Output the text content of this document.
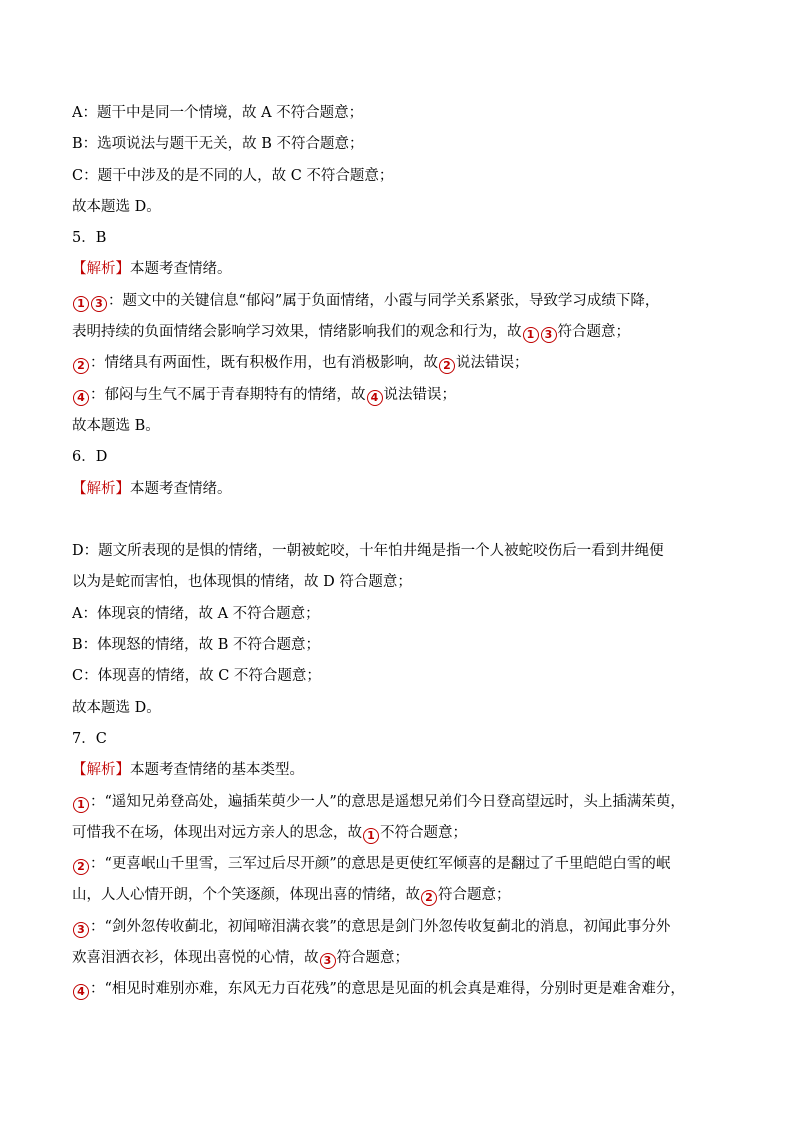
A：题干中是同一个情境，故 A 不符合题意；
B：选项说法与题干无关，故 B 不符合题意；
C：题干中涉及的是不同的人，故 C 不符合题意；
故本题选 D。
5．B
【解析】本题考查情绪。
1 3 ：题文中的关键信息“郁闷”属于负面情绪，小霞与同学关系紧张，导致学习成绩下降，
表明持续的负面情绪会影响学习效果，情绪影响我们的观念和行为，故 1 3 符合题意；
2 ：情绪具有两面性，既有积极作用，也有消极影响，故 2 说法错误；
4 ：郁闷与生气不属于青春期特有的情绪，故 4 说法错误；
故本题选 B。
6．D
【解析】本题考查情绪。
D：题文所表现的是惧的情绪，一朝被蛇咬，十年怕井绳是指一个人被蛇咬伤后一看到井绳便
以为是蛇而害怕，也体现惧的情绪，故 D 符合题意；
A：体现哀的情绪，故 A 不符合题意；
B：体现怒的情绪，故 B 不符合题意；
C：体现喜的情绪，故 C 不符合题意；
故本题选 D。
7．C
【解析】本题考查情绪的基本类型。
1 ：“遥知兄弟登高处，遍插茱萸少一人”的意思是遥想兄弟们今日登高望远时，头上插满茱萸，
可惜我不在场，体现出对远方亲人的思念，故 1 不符合题意；
2 ：“更喜岷山千里雪，三军过后尽开颜”的意思是更使红军倾喜的是翻过了千里皑皑白雪的岷
山，人人心情开朗，个个笑逐颜，体现出喜的情绪，故 2 符合题意；
3 ：“剑外忽传收蓟北，初闻啼泪满衣裳”的意思是剑门外忽传收复蓟北的消息，初闻此事分外
欢喜泪洒衣衫，体现出喜悦的心情，故 3 符合题意；
4 ：“相见时难别亦难，东风无力百花残”的意思是见面的机会真是难得，分别时更是难舍难分，
